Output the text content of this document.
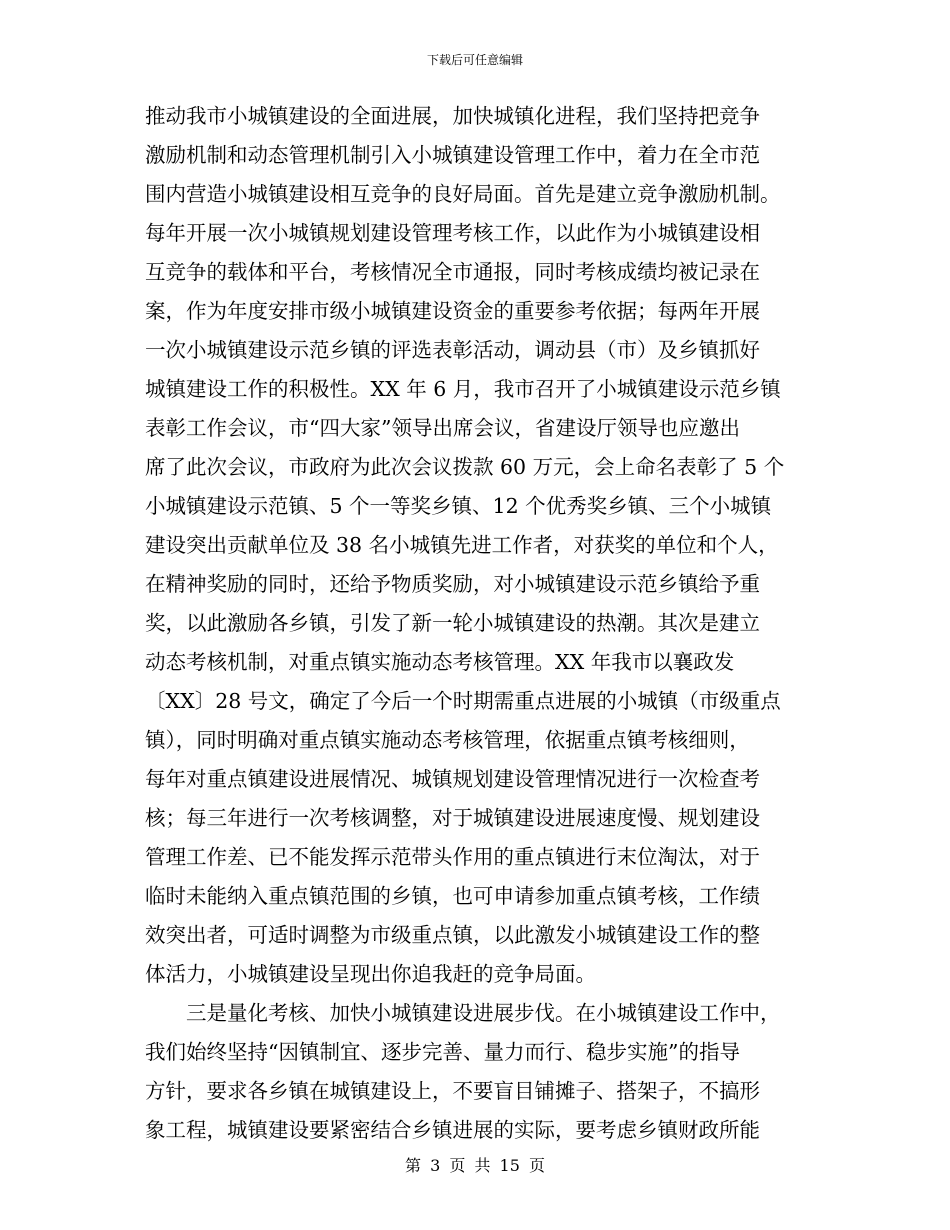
下载后可任意编辑
推动我市小城镇建设的全面进展，加快城镇化进程，我们坚持把竞争
激励机制和动态管理机制引入小城镇建设管理工作中，着力在全市范
围内营造小城镇建设相互竞争的良好局面。首先是建立竞争激励机制。
每年开展一次小城镇规划建设管理考核工作，以此作为小城镇建设相
互竞争的载体和平台，考核情况全市通报，同时考核成绩均被记录在
案，作为年度安排市级小城镇建设资金的重要参考依据；每两年开展
一次小城镇建设示范乡镇的评选表彰活动，调动县（市）及乡镇抓好
城镇建设工作的积极性。XX 年 6 月，我市召开了小城镇建设示范乡镇
表彰工作会议，市“四大家”领导出席会议，省建设厅领导也应邀出
席了此次会议，市政府为此次会议拨款 60 万元，会上命名表彰了 5 个
小城镇建设示范镇、5 个一等奖乡镇、12 个优秀奖乡镇、三个小城镇
建设突出贡献单位及 38 名小城镇先进工作者，对获奖的单位和个人，
在精神奖励的同时，还给予物质奖励，对小城镇建设示范乡镇给予重
奖，以此激励各乡镇，引发了新一轮小城镇建设的热潮。其次是建立
动态考核机制，对重点镇实施动态考核管理。XX 年我市以襄政发
〔XX〕28 号文，确定了今后一个时期需重点进展的小城镇（市级重点
镇），同时明确对重点镇实施动态考核管理，依据重点镇考核细则，
每年对重点镇建设进展情况、城镇规划建设管理情况进行一次检查考
核；每三年进行一次考核调整，对于城镇建设进展速度慢、规划建设
管理工作差、已不能发挥示范带头作用的重点镇进行末位淘汰，对于
临时未能纳入重点镇范围的乡镇，也可申请参加重点镇考核，工作绩
效突出者，可适时调整为市级重点镇，以此激发小城镇建设工作的整
体活力，小城镇建设呈现出你追我赶的竞争局面。
三是量化考核、加快小城镇建设进展步伐。在小城镇建设工作中，
我们始终坚持“因镇制宜、逐步完善、量力而行、稳步实施”的指导
方针，要求各乡镇在城镇建设上，不要盲目铺摊子、搭架子，不搞形
象工程，城镇建设要紧密结合乡镇进展的实际，要考虑乡镇财政所能
第 3 页 共 15 页
